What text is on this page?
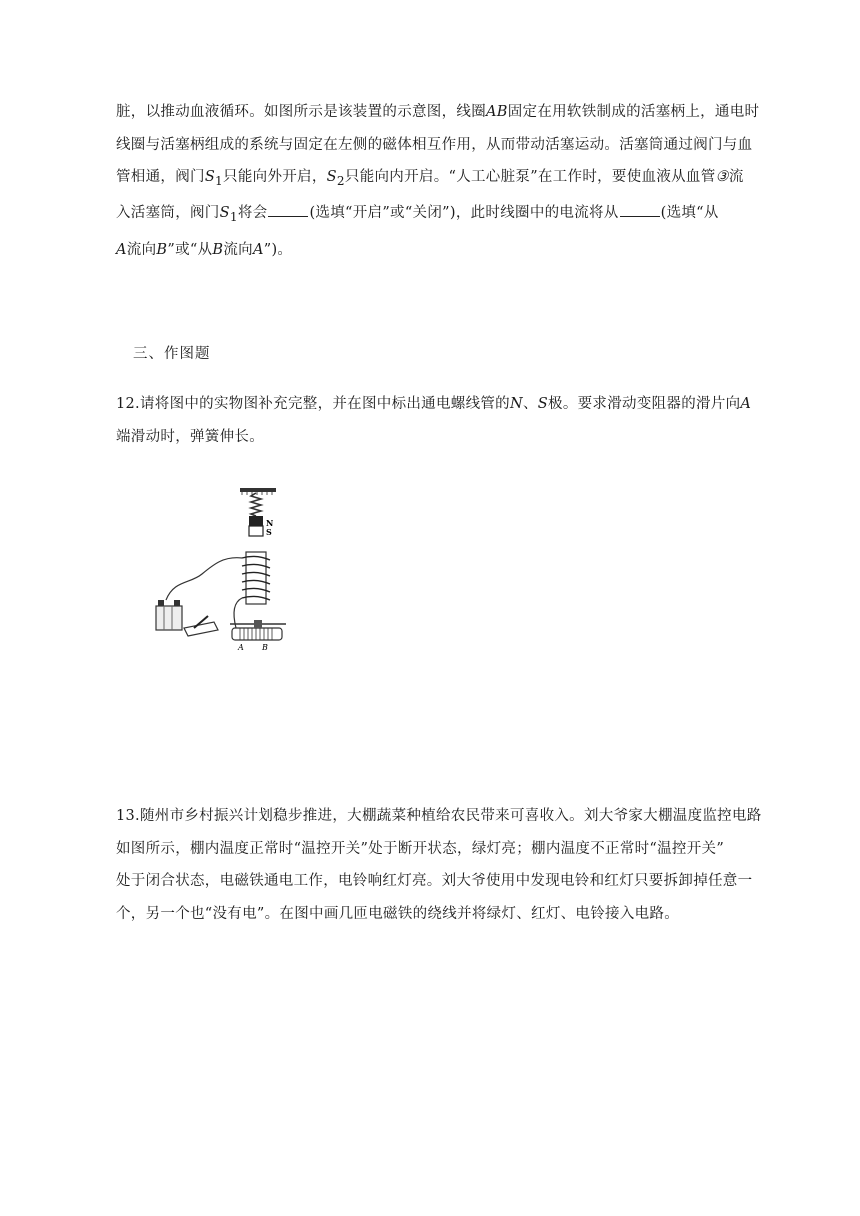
脏，以推动血液循环。如图所示是该装置的示意图，线圈AB固定在用软铁制成的活塞柄上，通电时
线圈与活塞柄组成的系统与固定在左侧的磁体相互作用，从而带动活塞运动。活塞筒通过阀门与血
管相通，阀门$S_1$只能向外开启，$S_2$只能向内开启。“人工心脏泵”在工作时，要使血液从血管③流
入活塞筒，阀门$S_1$将会	(选填“开启”或“关闭”)，此时线圈中的电流将从	(选填“从
A流向B”或“从B流向A”)。

三、作图题

12.请将图中的实物图补充完整，并在图中标出通电螺线管的N、S极。要求滑动变阻器的滑片向A
端滑动时，弹簧伸长。

N
S
A B

13.随州市乡村振兴计划稳步推进，大棚蔬菜种植给农民带来可喜收入。刘大爷家大棚温度监控电路
如图所示，棚内温度正常时“温控开关”处于断开状态，绿灯亮；棚内温度不正常时“温控开关”
处于闭合状态，电磁铁通电工作，电铃响红灯亮。刘大爷使用中发现电铃和红灯只要拆卸掉任意一
个，另一个也“没有电”。在图中画几匝电磁铁的绕线并将绿灯、红灯、电铃接入电路。
